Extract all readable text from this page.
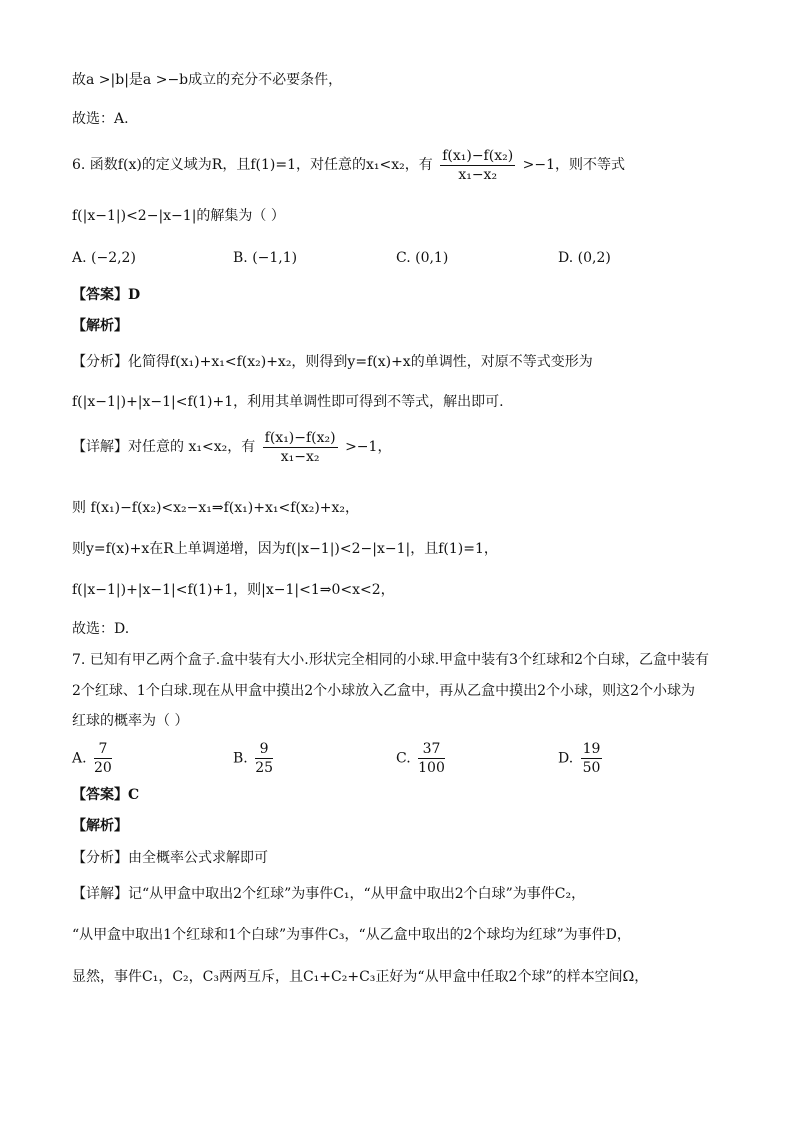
故a >|b|是a >−b成立的充分不必要条件，
故选：A.
6. 函数f(x)的定义域为R，且f(1)=1，对任意的x₁<x₂，有 $\frac{\text{f(x₁)−f(x₂)}}{\text{x₁−x₂}} >-1$，则不等式
f(|x−1|)<2−|x−1|的解集为（ ）
A. (−2,2)	B. (−1,1)	C. (0,1)	D. (0,2)
【答案】D
【解析】
【分析】化简得f(x₁)+x₁<f(x₂)+x₂，则得到y=f(x)+x的单调性，对原不等式变形为
f(|x−1|)+|x−1|<f(1)+1，利用其单调性即可得到不等式，解出即可.
【详解】对任意的 x₁<x₂，有 $\frac{\text{f(x₁)−f(x₂)}}{\text{x₁−x₂}} >-1$，
则 f(x₁)−f(x₂)<x₂−x₁⇒f(x₁)+x₁<f(x₂)+x₂，
则y=f(x)+x在R上单调递增，因为f(|x−1|)<2−|x−1|，且f(1)=1，
f(|x−1|)+|x−1|<f(1)+1，则|x−1|<1⇒0<x<2，
故选：D.
7. 已知有甲乙两个盒子.盒中装有大小.形状完全相同的小球.甲盒中装有3个红球和2个白球，乙盒中装有
2个红球、1个白球.现在从甲盒中摸出2个小球放入乙盒中，再从乙盒中摸出2个小球，则这2个小球为
红球的概率为（ ）
A. $\frac{7}{20}$	B. $\frac{9}{25}$	C. $\frac{37}{100}$	D. $\frac{19}{50}$
【答案】C
【解析】
【分析】由全概率公式求解即可
【详解】记“从甲盒中取出2个红球”为事件C₁，“从甲盒中取出2个白球”为事件C₂，
“从甲盒中取出1个红球和1个白球”为事件C₃，“从乙盒中取出的2个球均为红球”为事件D，
显然，事件C₁，C₂，C₃两两互斥，且C₁+C₂+C₃正好为“从甲盒中任取2个球”的样本空间Ω，
